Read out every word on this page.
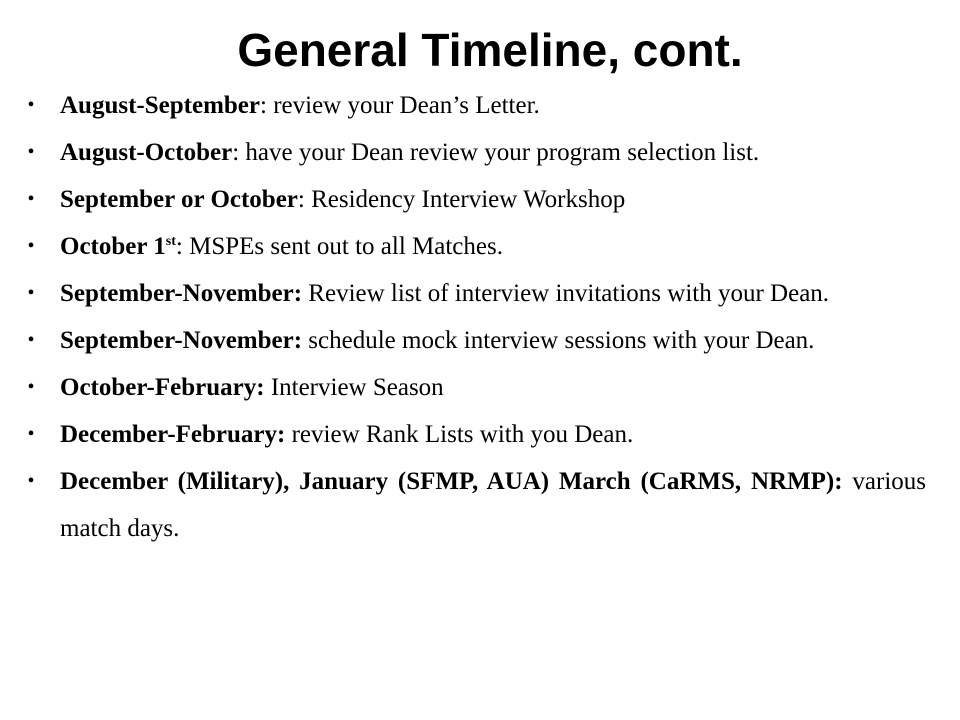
General Timeline, cont.
• August-September: review your Dean’s Letter.
• August-October: have your Dean review your program selection list.
• September or October: Residency Interview Workshop
• October 1st: MSPEs sent out to all Matches.
• September-November: Review list of interview invitations with your Dean.
• September-November: schedule mock interview sessions with your Dean.
• October-February: Interview Season
• December-February: review Rank Lists with you Dean.
• December (Military), January (SFMP, AUA) March (CaRMS, NRMP): various match days.
